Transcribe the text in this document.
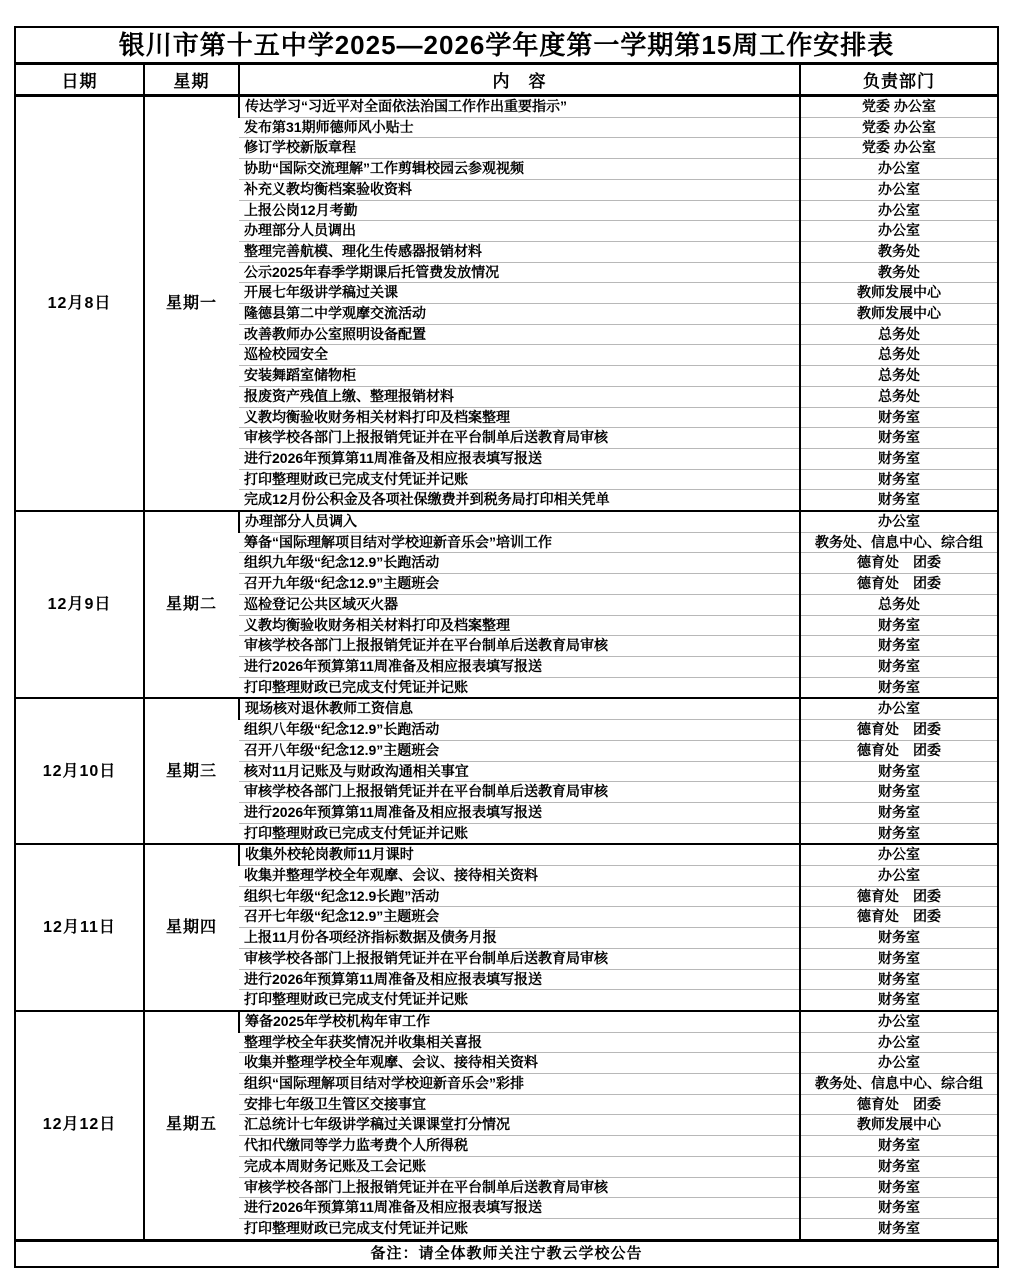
银川市第十五中学2025—2026学年度第一学期第15周工作安排表
日期	星期	内　容	负责部门
12月8日	星期一	传达学习“习近平对全面依法治国工作作出重要指示”	党委 办公室
		发布第31期师德师风小贴士	党委 办公室
		修订学校新版章程	党委 办公室
		协助“国际交流理解”工作剪辑校园云参观视频	办公室
		补充义教均衡档案验收资料	办公室
		上报公岗12月考勤	办公室
		办理部分人员调出	办公室
		整理完善航模、理化生传感器报销材料	教务处
		公示2025年春季学期课后托管费发放情况	教务处
		开展七年级讲学稿过关课	教师发展中心
		隆德县第二中学观摩交流活动	教师发展中心
		改善教师办公室照明设备配置	总务处
		巡检校园安全	总务处
		安装舞蹈室储物柜	总务处
		报废资产残值上缴、整理报销材料	总务处
		义教均衡验收财务相关材料打印及档案整理	财务室
		审核学校各部门上报报销凭证并在平台制单后送教育局审核	财务室
		进行2026年预算第11周准备及相应报表填写报送	财务室
		打印整理财政已完成支付凭证并记账	财务室
		完成12月份公积金及各项社保缴费并到税务局打印相关凭单	财务室
12月9日	星期二	办理部分人员调入	办公室
		筹备“国际理解项目结对学校迎新音乐会”培训工作	教务处、信息中心、综合组
		组织九年级“纪念12.9”长跑活动	德育处　团委
		召开九年级“纪念12.9”主题班会	德育处　团委
		巡检登记公共区域灭火器	总务处
		义教均衡验收财务相关材料打印及档案整理	财务室
		审核学校各部门上报报销凭证并在平台制单后送教育局审核	财务室
		进行2026年预算第11周准备及相应报表填写报送	财务室
		打印整理财政已完成支付凭证并记账	财务室
12月10日	星期三	现场核对退休教师工资信息	办公室
		组织八年级“纪念12.9”长跑活动	德育处　团委
		召开八年级“纪念12.9”主题班会	德育处　团委
		核对11月记账及与财政沟通相关事宜	财务室
		审核学校各部门上报报销凭证并在平台制单后送教育局审核	财务室
		进行2026年预算第11周准备及相应报表填写报送	财务室
		打印整理财政已完成支付凭证并记账	财务室
12月11日	星期四	收集外校轮岗教师11月课时	办公室
		收集并整理学校全年观摩、会议、接待相关资料	办公室
		组织七年级“纪念12.9长跑”活动	德育处　团委
		召开七年级“纪念12.9”主题班会	德育处　团委
		上报11月份各项经济指标数据及债务月报	财务室
		审核学校各部门上报报销凭证并在平台制单后送教育局审核	财务室
		进行2026年预算第11周准备及相应报表填写报送	财务室
		打印整理财政已完成支付凭证并记账	财务室
12月12日	星期五	筹备2025年学校机构年审工作	办公室
		整理学校全年获奖情况并收集相关喜报	办公室
		收集并整理学校全年观摩、会议、接待相关资料	办公室
		组织“国际理解项目结对学校迎新音乐会”彩排	教务处、信息中心、综合组
		安排七年级卫生管区交接事宜	德育处　团委
		汇总统计七年级讲学稿过关课课堂打分情况	教师发展中心
		代扣代缴同等学力监考费个人所得税	财务室
		完成本周财务记账及工会记账	财务室
		审核学校各部门上报报销凭证并在平台制单后送教育局审核	财务室
		进行2026年预算第11周准备及相应报表填写报送	财务室
		打印整理财政已完成支付凭证并记账	财务室
备注：请全体教师关注宁教云学校公告
